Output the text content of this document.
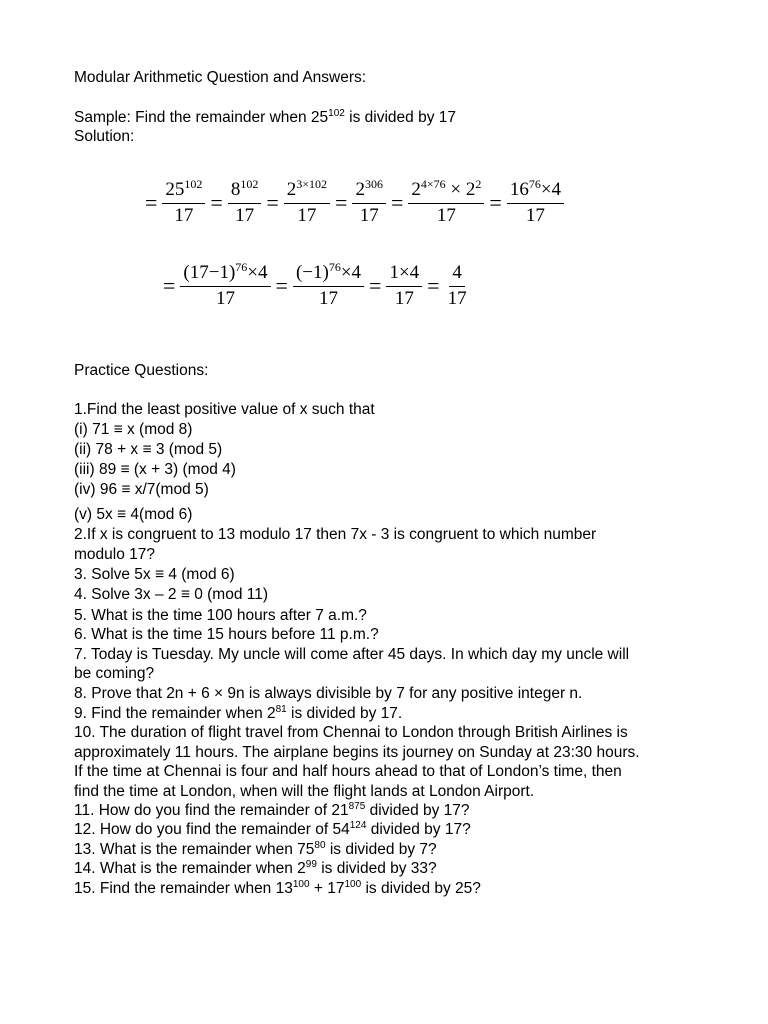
Modular Arithmetic Question and Answers:
Sample: Find the remainder when $25^{102}$ is divided by 17
Solution:
= $\frac{25^{102}}{17} = \frac{8^{102}}{17} = \frac{2^{3\times 102}}{17} = \frac{2^{306}}{17} = \frac{2^{4\times 76} \times 2^2}{17} = \frac{16^{76}\times 4}{17}$
= $\frac{(17-1)^{76}\times 4}{17} = \frac{(-1)^{76}\times 4}{17} = \frac{1\times 4}{17} = \frac{4}{17}$
Practice Questions:
1.Find the least positive value of x such that
(i) 71 ≡ x (mod 8)
(ii) 78 + x ≡ 3 (mod 5)
(iii) 89 ≡ (x + 3) (mod 4)
(iv) 96 ≡ x/7(mod 5)
(v) 5x ≡ 4(mod 6)
2.If x is congruent to 13 modulo 17 then 7x - 3 is congruent to which number
modulo 17?
3. Solve 5x ≡ 4 (mod 6)
4. Solve 3x – 2 ≡ 0 (mod 11)
5. What is the time 100 hours after 7 a.m.?
6. What is the time 15 hours before 11 p.m.?
7. Today is Tuesday. My uncle will come after 45 days. In which day my uncle will
be coming?
8. Prove that 2n + 6 × 9n is always divisible by 7 for any positive integer n.
9. Find the remainder when $2^{81}$ is divided by 17.
10. The duration of flight travel from Chennai to London through British Airlines is
approximately 11 hours. The airplane begins its journey on Sunday at 23:30 hours.
If the time at Chennai is four and half hours ahead to that of London’s time, then
find the time at London, when will the flight lands at London Airport.
11. How do you find the remainder of $21^{875}$ divided by 17?
12. How do you find the remainder of $54^{124}$ divided by 17?
13. What is the remainder when $75^{80}$ is divided by 7?
14. What is the remainder when $2^{99}$ is divided by 33?
15. Find the remainder when $13^{100} + 17^{100}$ is divided by 25?
